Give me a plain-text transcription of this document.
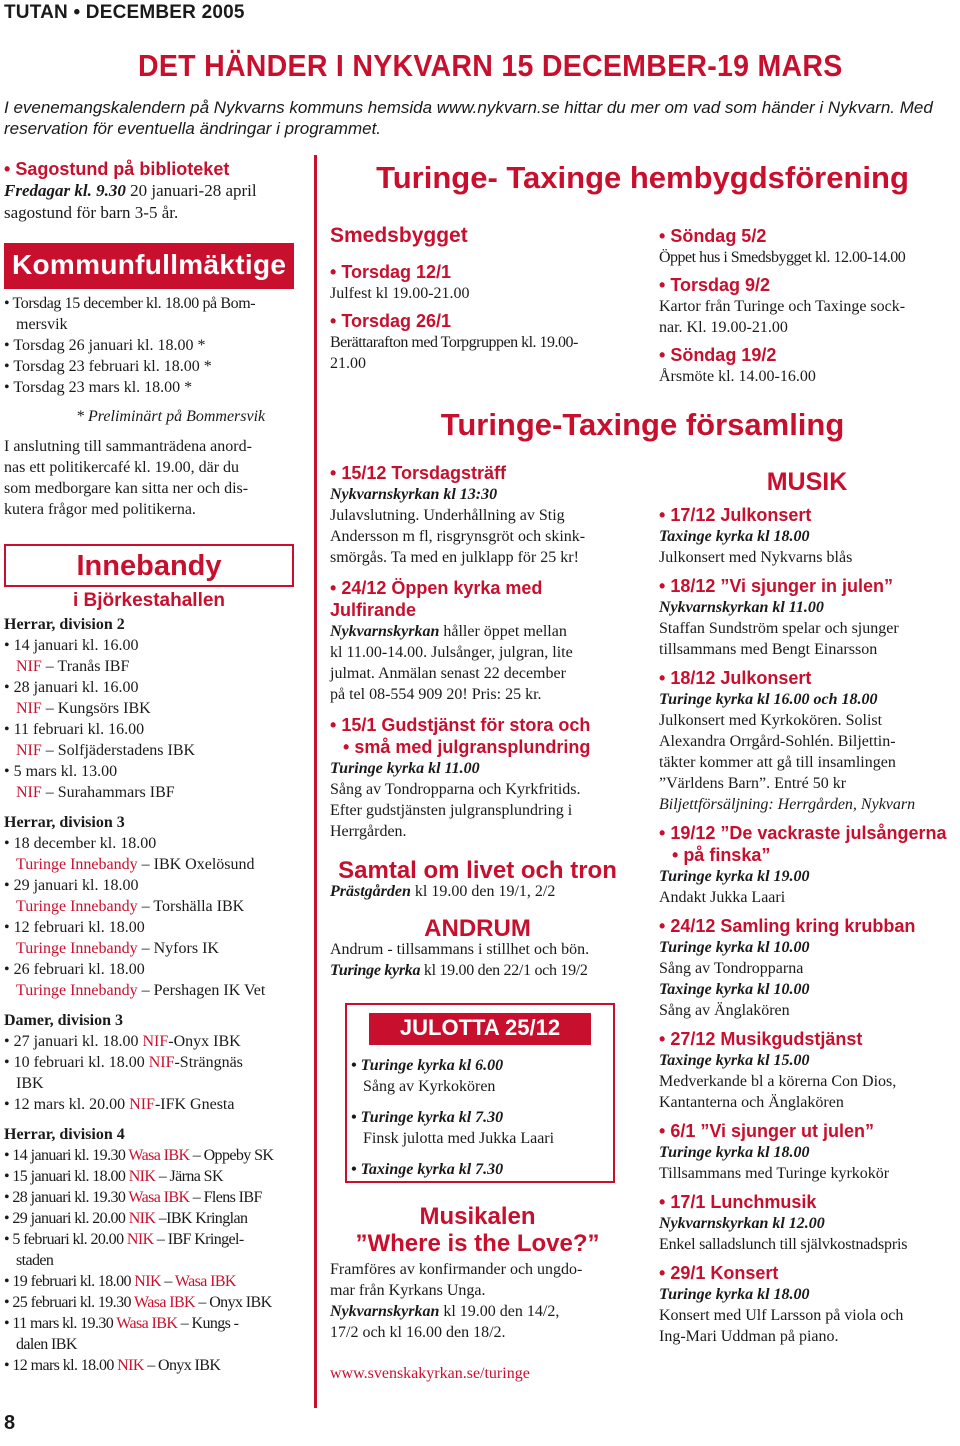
TUTAN • DECEMBER 2005
DET HÄNDER I NYKVARN 15 DECEMBER-19 MARS
I evenemangskalendern på Nykvarns kommuns hemsida www.nykvarn.se hittar du mer om vad som händer i Nykvarn. Med reservation för eventuella ändringar i programmet.
• Sagostund på biblioteket
Fredagar kl. 9.30 20 januari-28 april
sagostund för barn 3-5 år.
Kommunfullmäktige
• Torsdag 15 december kl. 18.00 på Bom-
mersvik
• Torsdag 26 januari kl. 18.00 *
• Torsdag 23 februari kl. 18.00 *
• Torsdag 23 mars kl. 18.00 *
* Preliminärt på Bommersvik
I anslutning till sammanträdena anord-
nas ett politikercafé kl. 19.00, där du
som medborgare kan sitta ner och dis-
kutera frågor med politikerna.
Innebandy
i Björkestahallen
Herrar, division 2
• 14 januari kl. 16.00
NIF – Tranås IBF
• 28 januari kl. 16.00
NIF – Kungsörs IBK
• 11 februari kl. 16.00
NIF – Solfjäderstadens IBK
• 5 mars kl. 13.00
NIF – Surahammars IBF
Herrar, division 3
• 18 december kl. 18.00
Turinge Innebandy – IBK Oxelösund
• 29 januari kl. 18.00
Turinge Innebandy – Torshälla IBK
• 12 februari kl. 18.00
Turinge Innebandy – Nyfors IK
• 26 februari kl. 18.00
Turinge Innebandy – Pershagen IK Vet
Damer, division 3
• 27 januari kl. 18.00 NIF-Onyx IBK
• 10 februari kl. 18.00 NIF-Strängnäs
IBK
• 12 mars kl. 20.00 NIF-IFK Gnesta
Herrar, division 4
• 14 januari kl. 19.30 Wasa IBK – Oppeby SK
• 15 januari kl. 18.00 NIK – Järna SK
• 28 januari kl. 19.30 Wasa IBK – Flens IBF
• 29 januari kl. 20.00 NIK –IBK Kringlan
• 5 februari kl. 20.00 NIK – IBF Kringel-
staden
• 19 februari kl. 18.00 NIK – Wasa IBK
• 25 februari kl. 19.30 Wasa IBK – Onyx IBK
• 11 mars kl. 19.30 Wasa IBK – Kungs -
dalen IBK
• 12 mars kl. 18.00 NIK – Onyx IBK
Turinge- Taxinge hembygdsförening
Smedsbygget
• Torsdag 12/1
Julfest kl 19.00-21.00
• Torsdag 26/1
Berättarafton med Torpgruppen kl. 19.00-
21.00
• Söndag 5/2
Öppet hus i Smedsbygget kl. 12.00-14.00
• Torsdag 9/2
Kartor från Turinge och Taxinge sock-
nar. Kl. 19.00-21.00
• Söndag 19/2
Årsmöte kl. 14.00-16.00
Turinge-Taxinge församling
• 15/12 Torsdagsträff
Nykvarnskyrkan kl 13:30
Julavslutning. Underhållning av Stig
Andersson m fl, risgrynsgröt och skink-
smörgås. Ta med en julklapp för 25 kr!
• 24/12 Öppen kyrka med Julfirande
Nykvarnskyrkan håller öppet mellan
kl 11.00-14.00. Julsånger, julgran, lite
julmat. Anmälan senast 22 december
på tel 08-554 909 20! Pris: 25 kr.
• 15/1 Gudstjänst för stora och
• små med julgransplundring
Turinge kyrka kl 11.00
Sång av Tondropparna och Kyrkfritids.
Efter gudstjänsten julgransplundring i
Herrgården.
Samtal om livet och tron
Prästgården kl 19.00 den 19/1, 2/2
ANDRUM
Andrum - tillsammans i stillhet och bön.
Turinge kyrka kl 19.00 den 22/1 och 19/2
JULOTTA 25/12
• Turinge kyrka kl 6.00
Sång av Kyrkokören
• Turinge kyrka kl 7.30
Finsk julotta med Jukka Laari
• Taxinge kyrka kl 7.30
Musikalen
”Where is the Love?”
Framföres av konfirmander och ungdo-
mar från Kyrkans Unga.
Nykvarnskyrkan kl 19.00 den 14/2,
17/2 och kl 16.00 den 18/2.
www.svenskakyrkan.se/turinge
MUSIK
• 17/12 Julkonsert
Taxinge kyrka kl 18.00
Julkonsert med Nykvarns blås
• 18/12 ”Vi sjunger in julen”
Nykvarnskyrkan kl 11.00
Staffan Sundström spelar och sjunger
tillsammans med Bengt Einarsson
• 18/12 Julkonsert
Turinge kyrka kl 16.00 och 18.00
Julkonsert med Kyrkokören. Solist
Alexandra Orrgård-Sohlén. Biljettin-
täkter kommer att gå till insamlingen
”Världens Barn”. Entré 50 kr
Biljettförsäljning: Herrgården, Nykvarn
• 19/12 ”De vackraste julsångerna
• på finska”
Turinge kyrka kl 19.00
Andakt Jukka Laari
• 24/12 Samling kring krubban
Turinge kyrka kl 10.00
Sång av Tondropparna
Taxinge kyrka kl 10.00
Sång av Änglakören
• 27/12 Musikgudstjänst
Taxinge kyrka kl 15.00
Medverkande bl a körerna Con Dios,
Kantanterna och Änglakören
• 6/1 ”Vi sjunger ut julen”
Turinge kyrka kl 18.00
Tillsammans med Turinge kyrkokör
• 17/1 Lunchmusik
Nykvarnskyrkan kl 12.00
Enkel salladslunch till självkostnadspris
• 29/1 Konsert
Turinge kyrka kl 18.00
Konsert med Ulf Larsson på viola och
Ing-Mari Uddman på piano.
8
